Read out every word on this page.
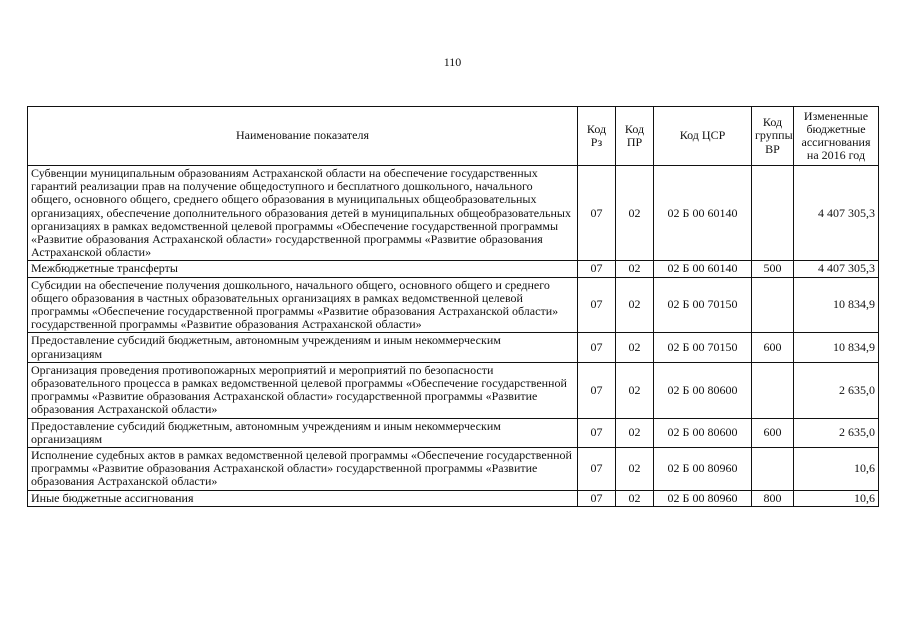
110
Наименование показателя	Код Рз	Код ПР	Код ЦСР	Код группы ВР	Измененные бюджетные ассигнования на 2016 год
Субвенции муниципальным образованиям Астраханской области на обеспечение государственных гарантий реализации прав на получение общедоступного и бесплатного дошкольного, начального общего, основного общего, среднего общего образования в муниципальных общеобразовательных организациях, обеспечение дополнительного образования детей в муниципальных общеобразовательных организациях в рамках ведомственной целевой программы «Обеспечение государственной программы «Развитие образования Астраханской области» государственной программы «Развитие образования Астраханской области»	07	02	02 Б 00 60140		4 407 305,3
Межбюджетные трансферты	07	02	02 Б 00 60140	500	4 407 305,3
Субсидии на обеспечение получения дошкольного, начального общего, основного общего и среднего общего образования в частных образовательных организациях в рамках ведомственной целевой программы «Обеспечение государственной программы «Развитие образования Астраханской области» государственной программы «Развитие образования Астраханской области»	07	02	02 Б 00 70150		10 834,9
Предоставление субсидий бюджетным, автономным учреждениям и иным некоммерческим организациям	07	02	02 Б 00 70150	600	10 834,9
Организация проведения противопожарных мероприятий и мероприятий по безопасности образовательного процесса в рамках ведомственной целевой программы «Обеспечение государственной программы «Развитие образования Астраханской области» государственной программы «Развитие образования Астраханской области»	07	02	02 Б 00 80600		2 635,0
Предоставление субсидий бюджетным, автономным учреждениям и иным некоммерческим организациям	07	02	02 Б 00 80600	600	2 635,0
Исполнение судебных актов в рамках ведомственной целевой программы «Обеспечение государственной программы «Развитие образования Астраханской области» государственной программы «Развитие образования Астраханской области»	07	02	02 Б 00 80960		10,6
Иные бюджетные ассигнования	07	02	02 Б 00 80960	800	10,6
